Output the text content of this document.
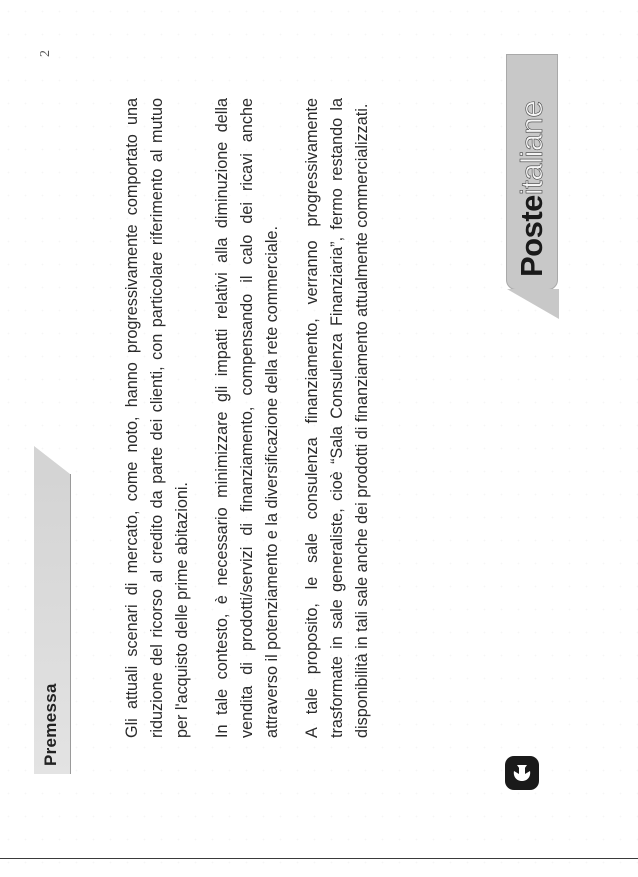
Premessa
2

Gli attuali scenari di mercato, come noto, hanno progressivamente comportato una riduzione del ricorso al credito da parte dei clienti, con particolare riferimento al mutuo per l'acquisto delle prime abitazioni. In tale contesto, è necessario minimizzare gli impatti relativi alla diminuzione della vendita di prodotti/servizi di finanziamento, compensando il calo dei ricavi anche attraverso il potenziamento e la diversificazione della rete commerciale. A tale proposito, le sale consulenza finanziamento, verranno progressivamente trasformate in sale generaliste, cioè “Sala Consulenza Finanziaria”, fermo restando la disponibilità in tali sale anche dei prodotti di finanziamento attualmente commercializzati.	Poste
italiane
